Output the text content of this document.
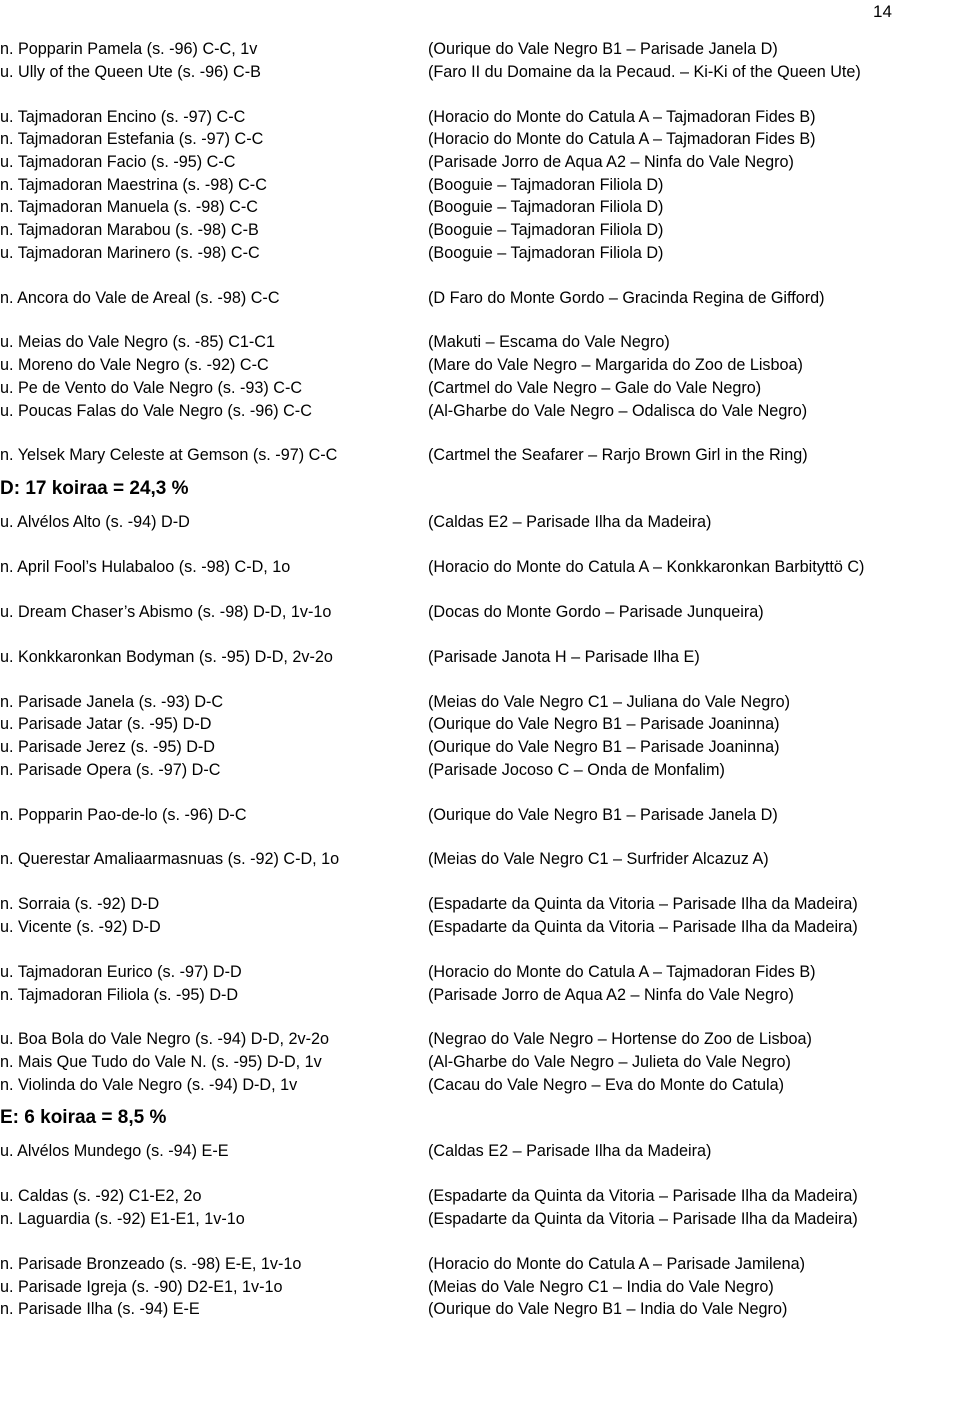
14
n. Popparin Pamela (s. -96) C-C, 1v	(Ourique do Vale Negro B1 – Parisade Janela D)
u. Ully of the Queen Ute (s. -96) C-B	(Faro II du Domaine da la Pecaud. – Ki-Ki of the Queen Ute)
u. Tajmadoran Encino (s. -97) C-C	(Horacio do Monte do Catula A – Tajmadoran Fides B)
n. Tajmadoran Estefania (s. -97) C-C	(Horacio do Monte do Catula A – Tajmadoran Fides B)
u. Tajmadoran Facio (s. -95) C-C	(Parisade Jorro de Aqua A2 – Ninfa do Vale Negro)
n. Tajmadoran Maestrina (s. -98) C-C	(Booguie – Tajmadoran Filiola D)
n. Tajmadoran Manuela (s. -98) C-C	(Booguie – Tajmadoran Filiola D)
n. Tajmadoran Marabou (s. -98) C-B	(Booguie – Tajmadoran Filiola D)
u. Tajmadoran Marinero (s. -98) C-C	(Booguie – Tajmadoran Filiola D)
n. Ancora do Vale de Areal (s. -98) C-C	(D Faro do Monte Gordo – Gracinda Regina de Gifford)
u. Meias do Vale Negro (s. -85) C1-C1	(Makuti – Escama do Vale Negro)
u. Moreno do Vale Negro (s. -92) C-C	(Mare do Vale Negro – Margarida do Zoo de Lisboa)
u. Pe de Vento do Vale Negro (s. -93) C-C	(Cartmel do Vale Negro – Gale do Vale Negro)
u. Poucas Falas do Vale Negro (s. -96) C-C	(Al-Gharbe do Vale Negro – Odalisca do Vale Negro)
n. Yelsek Mary Celeste at Gemson (s. -97) C-C	(Cartmel the Seafarer – Rarjo Brown Girl in the Ring)
D: 17 koiraa = 24,3 %
u. Alvélos Alto (s. -94) D-D	(Caldas E2 – Parisade Ilha da Madeira)
n. April Fool’s Hulabaloo (s. -98) C-D, 1o	(Horacio do Monte do Catula A – Konkkaronkan Barbityttö C)
u. Dream Chaser’s Abismo (s. -98) D-D, 1v-1o	(Docas do Monte Gordo – Parisade Junqueira)
u. Konkkaronkan Bodyman (s. -95) D-D, 2v-2o	(Parisade Janota H – Parisade Ilha E)
n. Parisade Janela (s. -93) D-C	(Meias do Vale Negro C1 – Juliana do Vale Negro)
u. Parisade Jatar (s. -95) D-D	(Ourique do Vale Negro B1 – Parisade Joaninna)
u. Parisade Jerez (s. -95) D-D	(Ourique do Vale Negro B1 – Parisade Joaninna)
n. Parisade Opera (s. -97) D-C	(Parisade Jocoso C – Onda de Monfalim)
n. Popparin Pao-de-lo (s. -96) D-C	(Ourique do Vale Negro B1 – Parisade Janela D)
n. Querestar Amaliaarmasnuas (s. -92) C-D, 1o	(Meias do Vale Negro C1 – Surfrider Alcazuz A)
n. Sorraia (s. -92) D-D	(Espadarte da Quinta da Vitoria – Parisade Ilha da Madeira)
u. Vicente (s. -92) D-D	(Espadarte da Quinta da Vitoria – Parisade Ilha da Madeira)
u. Tajmadoran Eurico (s. -97) D-D	(Horacio do Monte do Catula A – Tajmadoran Fides B)
n. Tajmadoran Filiola (s. -95) D-D	(Parisade Jorro de Aqua A2 – Ninfa do Vale Negro)
u. Boa Bola do Vale Negro (s. -94) D-D, 2v-2o	(Negrao do Vale Negro – Hortense do Zoo de Lisboa)
n. Mais Que Tudo do Vale N. (s. -95) D-D, 1v	(Al-Gharbe do Vale Negro – Julieta do Vale Negro)
n. Violinda do Vale Negro (s. -94) D-D, 1v	(Cacau do Vale Negro – Eva do Monte do Catula)
E: 6 koiraa = 8,5 %
u. Alvélos Mundego (s. -94) E-E	(Caldas E2 – Parisade Ilha da Madeira)
u. Caldas (s. -92) C1-E2, 2o	(Espadarte da Quinta da Vitoria – Parisade Ilha da Madeira)
n. Laguardia (s. -92) E1-E1, 1v-1o	(Espadarte da Quinta da Vitoria – Parisade Ilha da Madeira)
n. Parisade Bronzeado (s. -98) E-E, 1v-1o	(Horacio do Monte do Catula A – Parisade Jamilena)
u. Parisade Igreja (s. -90) D2-E1, 1v-1o	(Meias do Vale Negro C1 – India do Vale Negro)
n. Parisade Ilha (s. -94) E-E	(Ourique do Vale Negro B1 – India do Vale Negro)
